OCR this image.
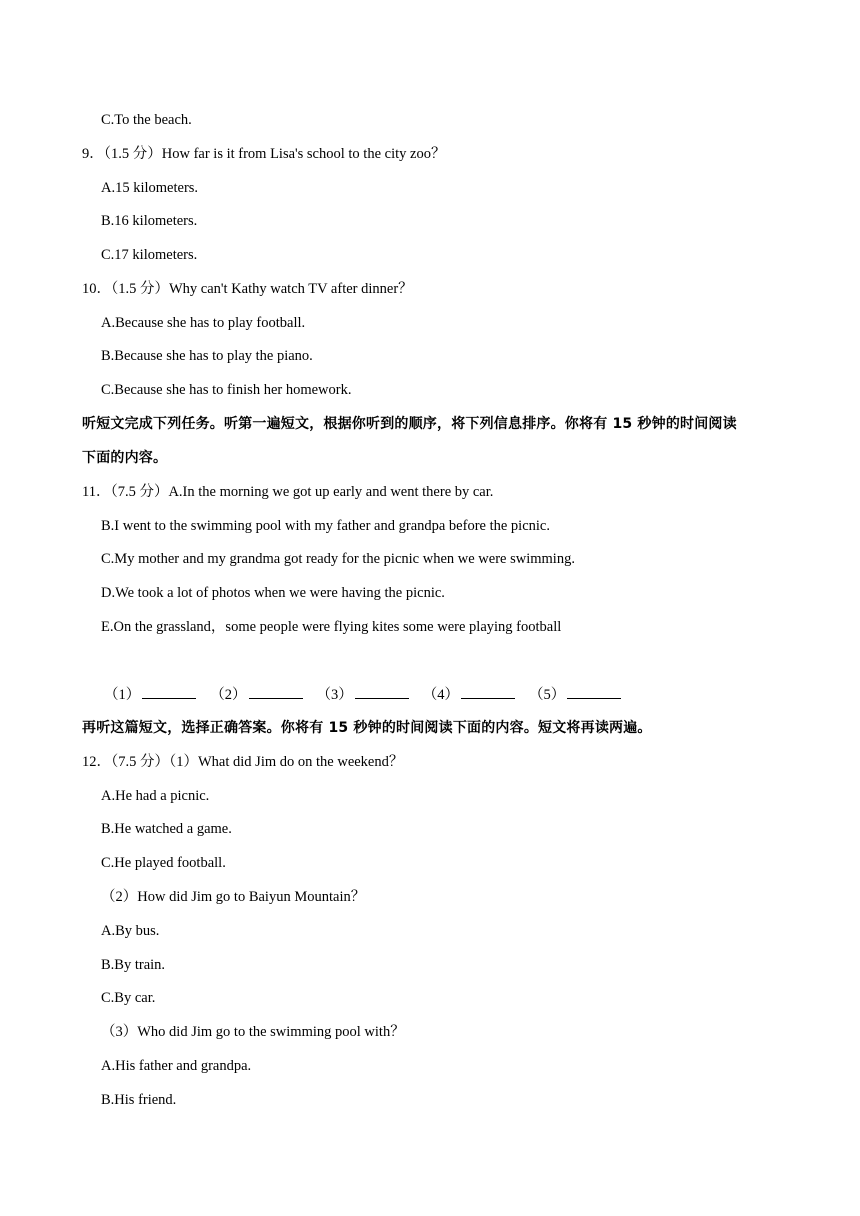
C.To the beach.
9．（1.5 分）How far is it from Lisa's school to the city zoo？
A.15 kilometers.
B.16 kilometers.
C.17 kilometers.
10．（1.5 分）Why can't Kathy watch TV after dinner？
A.Because she has to play football.
B.Because she has to play the piano.
C.Because she has to finish her homework.
听短文完成下列任务。听第一遍短文，根据你听到的顺序，将下列信息排序。你将有 15 秒钟的时间阅读
下面的内容。
11．（7.5 分）A.In the morning we got up early and went there by car.
B.I went to the swimming pool with my father and grandpa before the picnic.
C.My mother and my grandma got ready for the picnic when we were swimming.
D.We took a lot of photos when we were having the picnic.
E.On the grassland，some people were flying kites some were playing football
（1）	（2）	（3）	（4）	（5）
再听这篇短文，选择正确答案。你将有 15 秒钟的时间阅读下面的内容。短文将再读两遍。
12．（7.5 分）（1）What did Jim do on the weekend？
A.He had a picnic.
B.He watched a game.
C.He played football.
（2）How did Jim go to Baiyun Mountain？
A.By bus.
B.By train.
C.By car.
（3）Who did Jim go to the swimming pool with？
A.His father and grandpa.
B.His friend.
